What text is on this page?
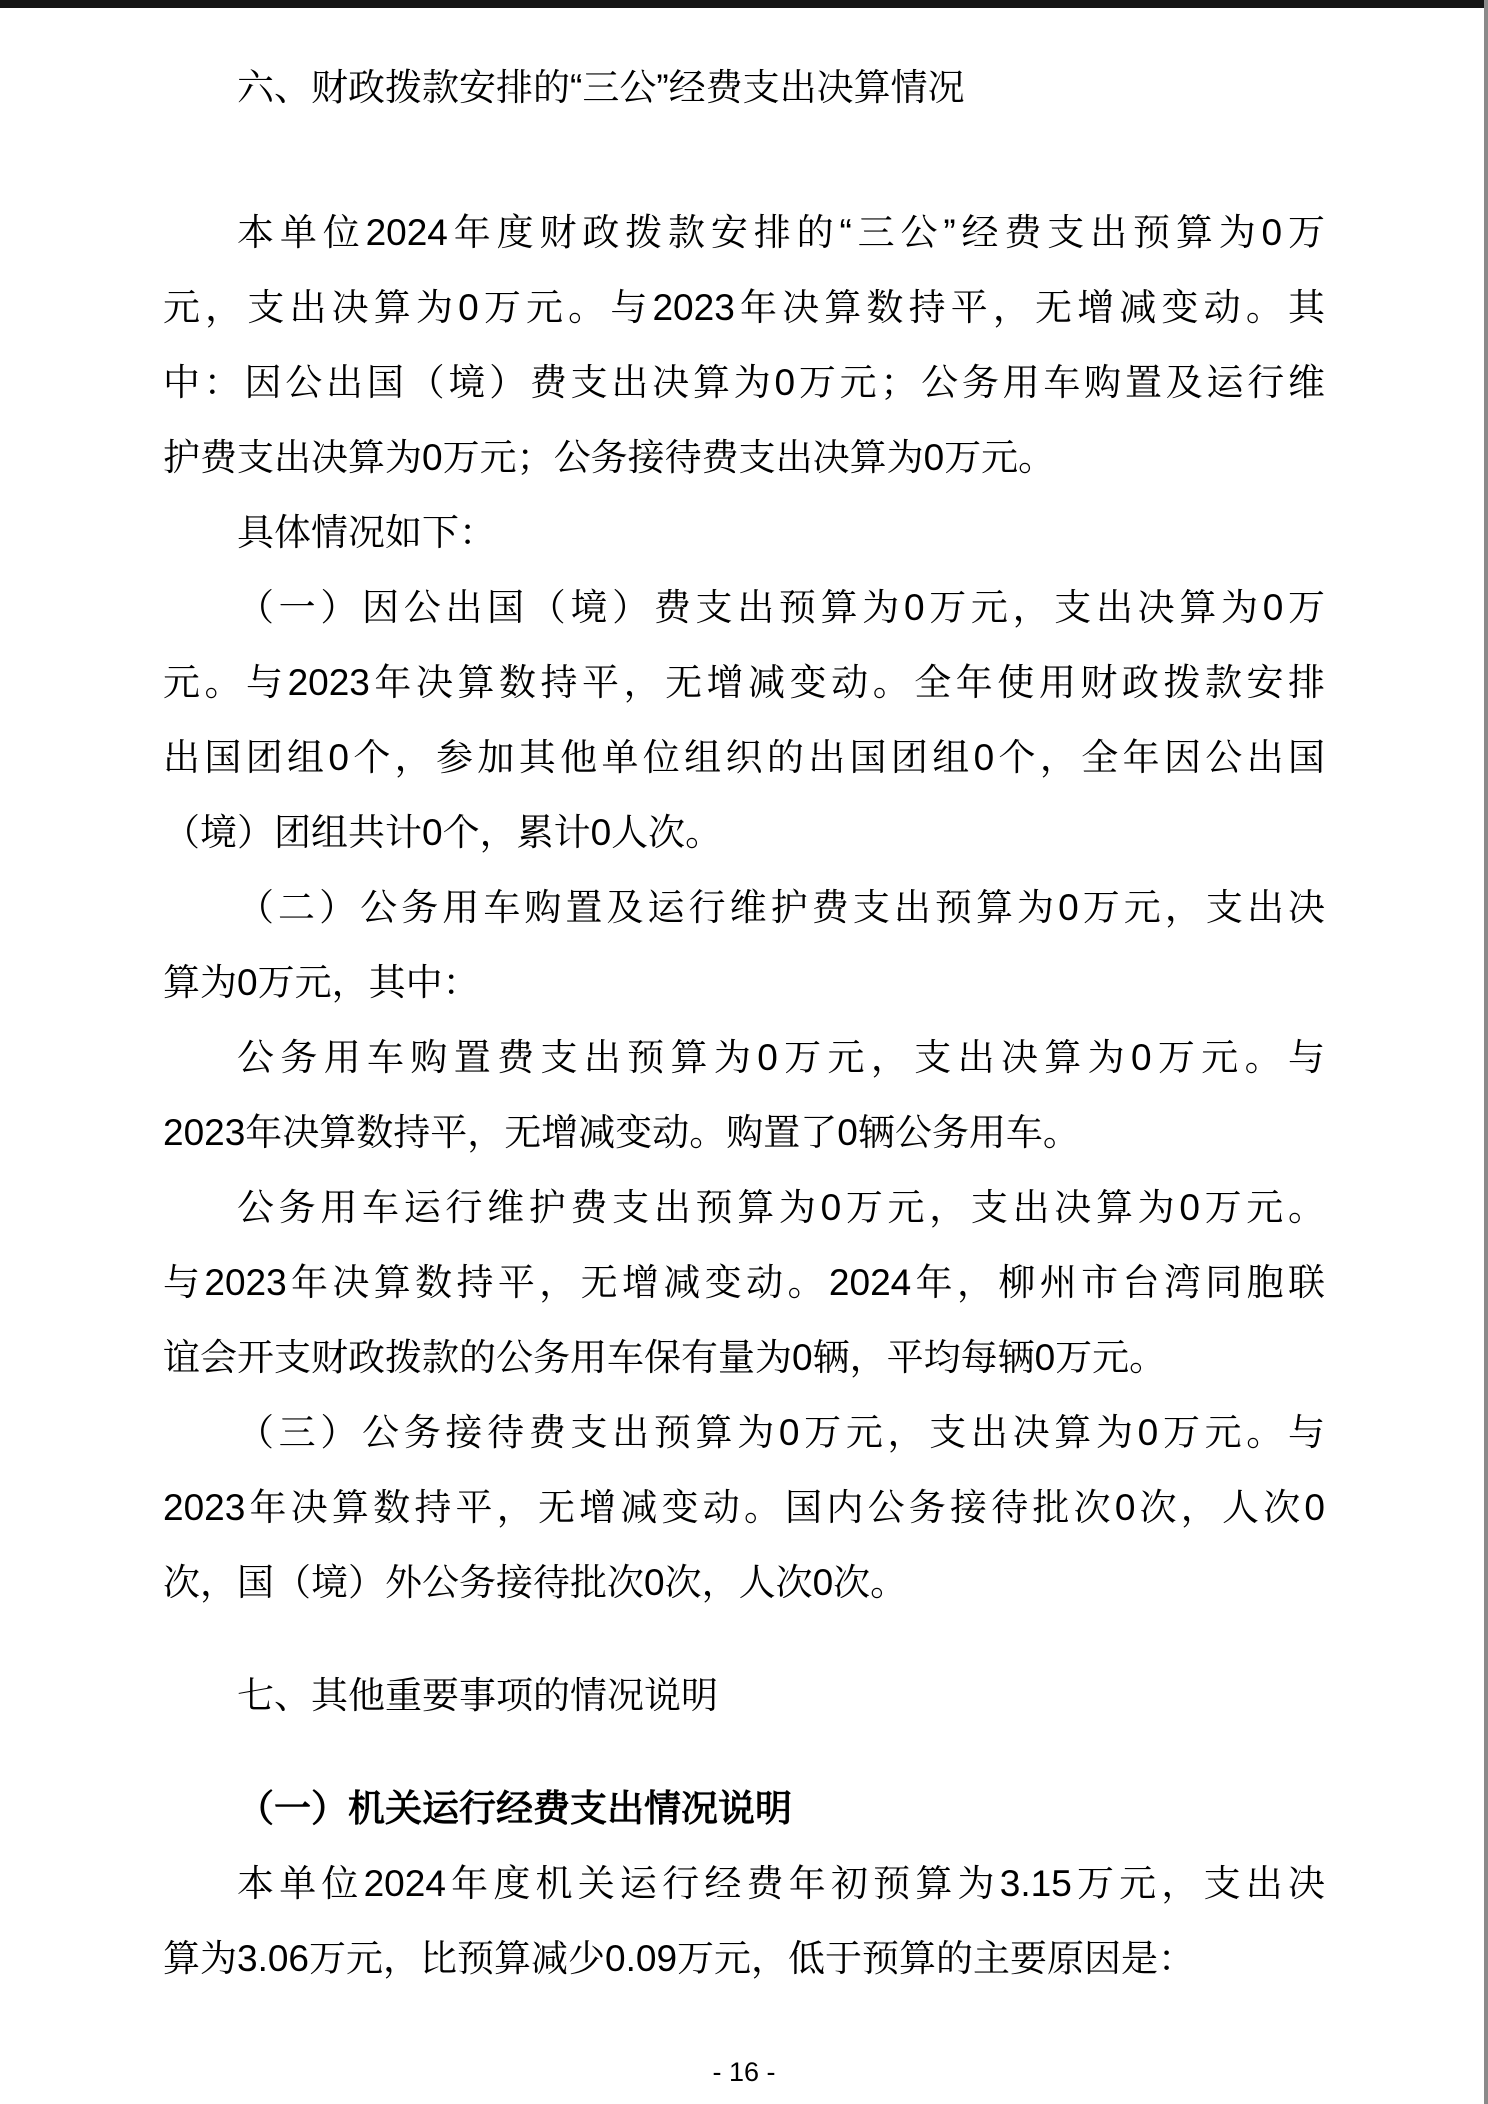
六、财政拨款安排的“三公”经费支出决算情况
本单位2024年度财政拨款安排的“三公”经费支出预算为0万
元，支出决算为0万元。与2023年决算数持平，无增减变动。其
中：因公出国（境）费支出决算为0万元；公务用车购置及运行维
护费支出决算为0万元；公务接待费支出决算为0万元。
具体情况如下：
（一）因公出国（境）费支出预算为0万元，支出决算为0万
元。与2023年决算数持平，无增减变动。全年使用财政拨款安排
出国团组0个，参加其他单位组织的出国团组0个，全年因公出国
（境）团组共计0个，累计0人次。
（二）公务用车购置及运行维护费支出预算为0万元，支出决
算为0万元，其中：
公务用车购置费支出预算为0万元，支出决算为0万元。与
2023年决算数持平，无增减变动。购置了0辆公务用车。
公务用车运行维护费支出预算为0万元，支出决算为0万元。
与2023年决算数持平，无增减变动。2024年，柳州市台湾同胞联
谊会开支财政拨款的公务用车保有量为0辆，平均每辆0万元。
（三）公务接待费支出预算为0万元，支出决算为0万元。与
2023年决算数持平，无增减变动。国内公务接待批次0次，人次0
次，国（境）外公务接待批次0次，人次0次。
七、其他重要事项的情况说明
（一）机关运行经费支出情况说明
本单位2024年度机关运行经费年初预算为3.15万元，支出决
算为3.06万元，比预算减少0.09万元，低于预算的主要原因是：
- 16 -
